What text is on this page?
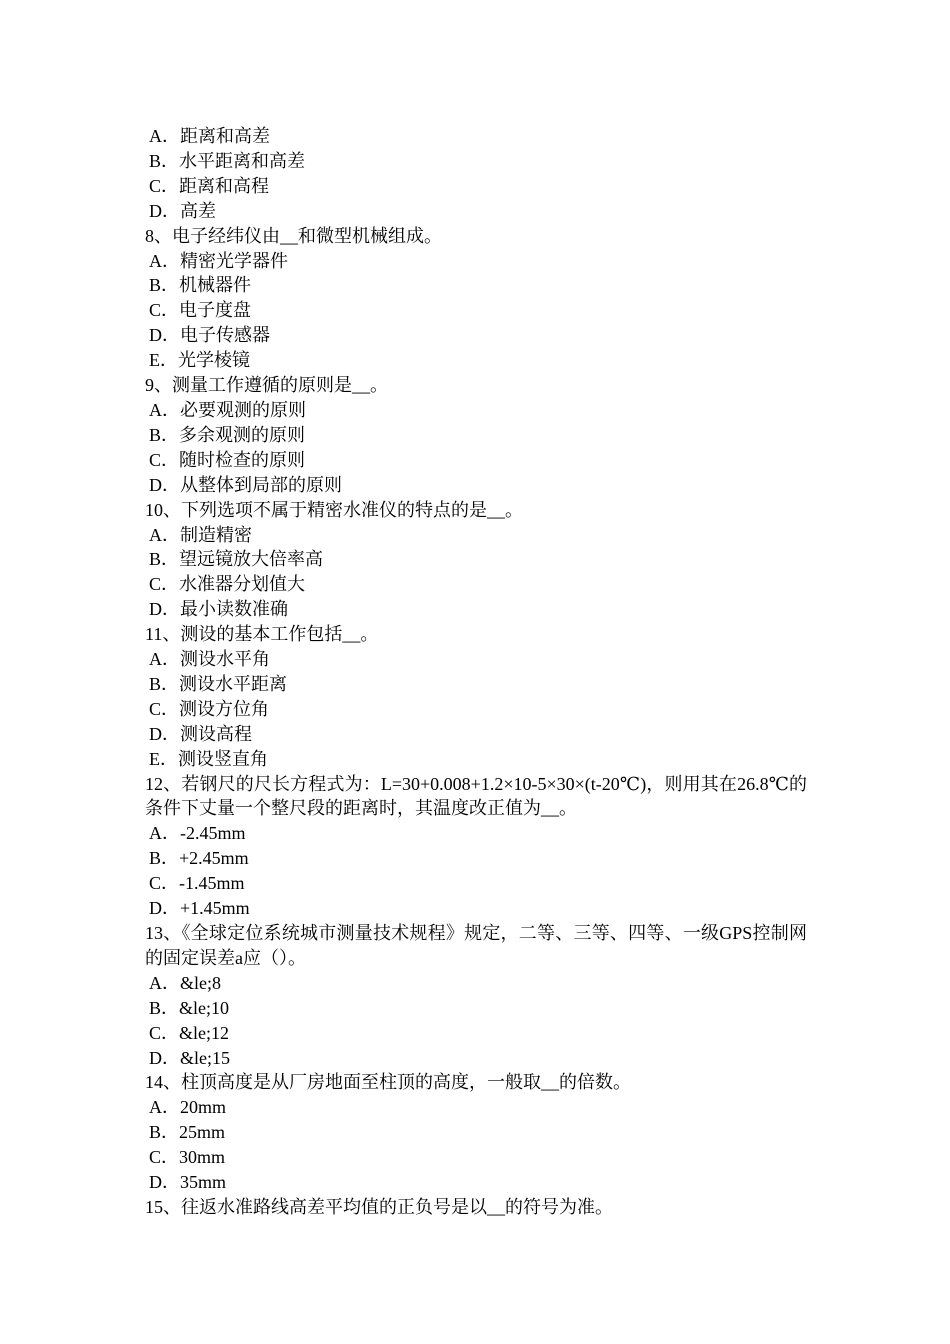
A．距离和高差

B．水平距离和高差

C．距离和高程

D．高差

8、电子经纬仪由__和微型机械组成。

A．精密光学器件

B．机械器件

C．电子度盘

D．电子传感器

E．光学棱镜

9、测量工作遵循的原则是__。

A．必要观测的原则

B．多余观测的原则

C．随时检查的原则

D．从整体到局部的原则

10、下列选项不属于精密水准仪的特点的是__。

A．制造精密

B．望远镜放大倍率高

C．水准器分划值大

D．最小读数准确

11、测设的基本工作包括__。

A．测设水平角

B．测设水平距离

C．测设方位角

D．测设高程

E．测设竖直角

12、若钢尺的尺长方程式为：L=30+0.008+1.2×10-5×30×(t-20℃)，则用其在26.8℃的条件下丈量一个整尺段的距离时，其温度改正值为__。

A．-2.45mm

B．+2.45mm

C．-1.45mm

D．+1.45mm

13、《全球定位系统城市测量技术规程》规定，二等、三等、四等、一级GPS控制网的固定误差a应（）。

A．&le;8

B．&le;10

C．&le;12

D．&le;15

14、柱顶高度是从厂房地面至柱顶的高度，一般取__的倍数。

A．20mm

B．25mm

C．30mm

D．35mm

15、往返水准路线高差平均值的正负号是以__的符号为准。
